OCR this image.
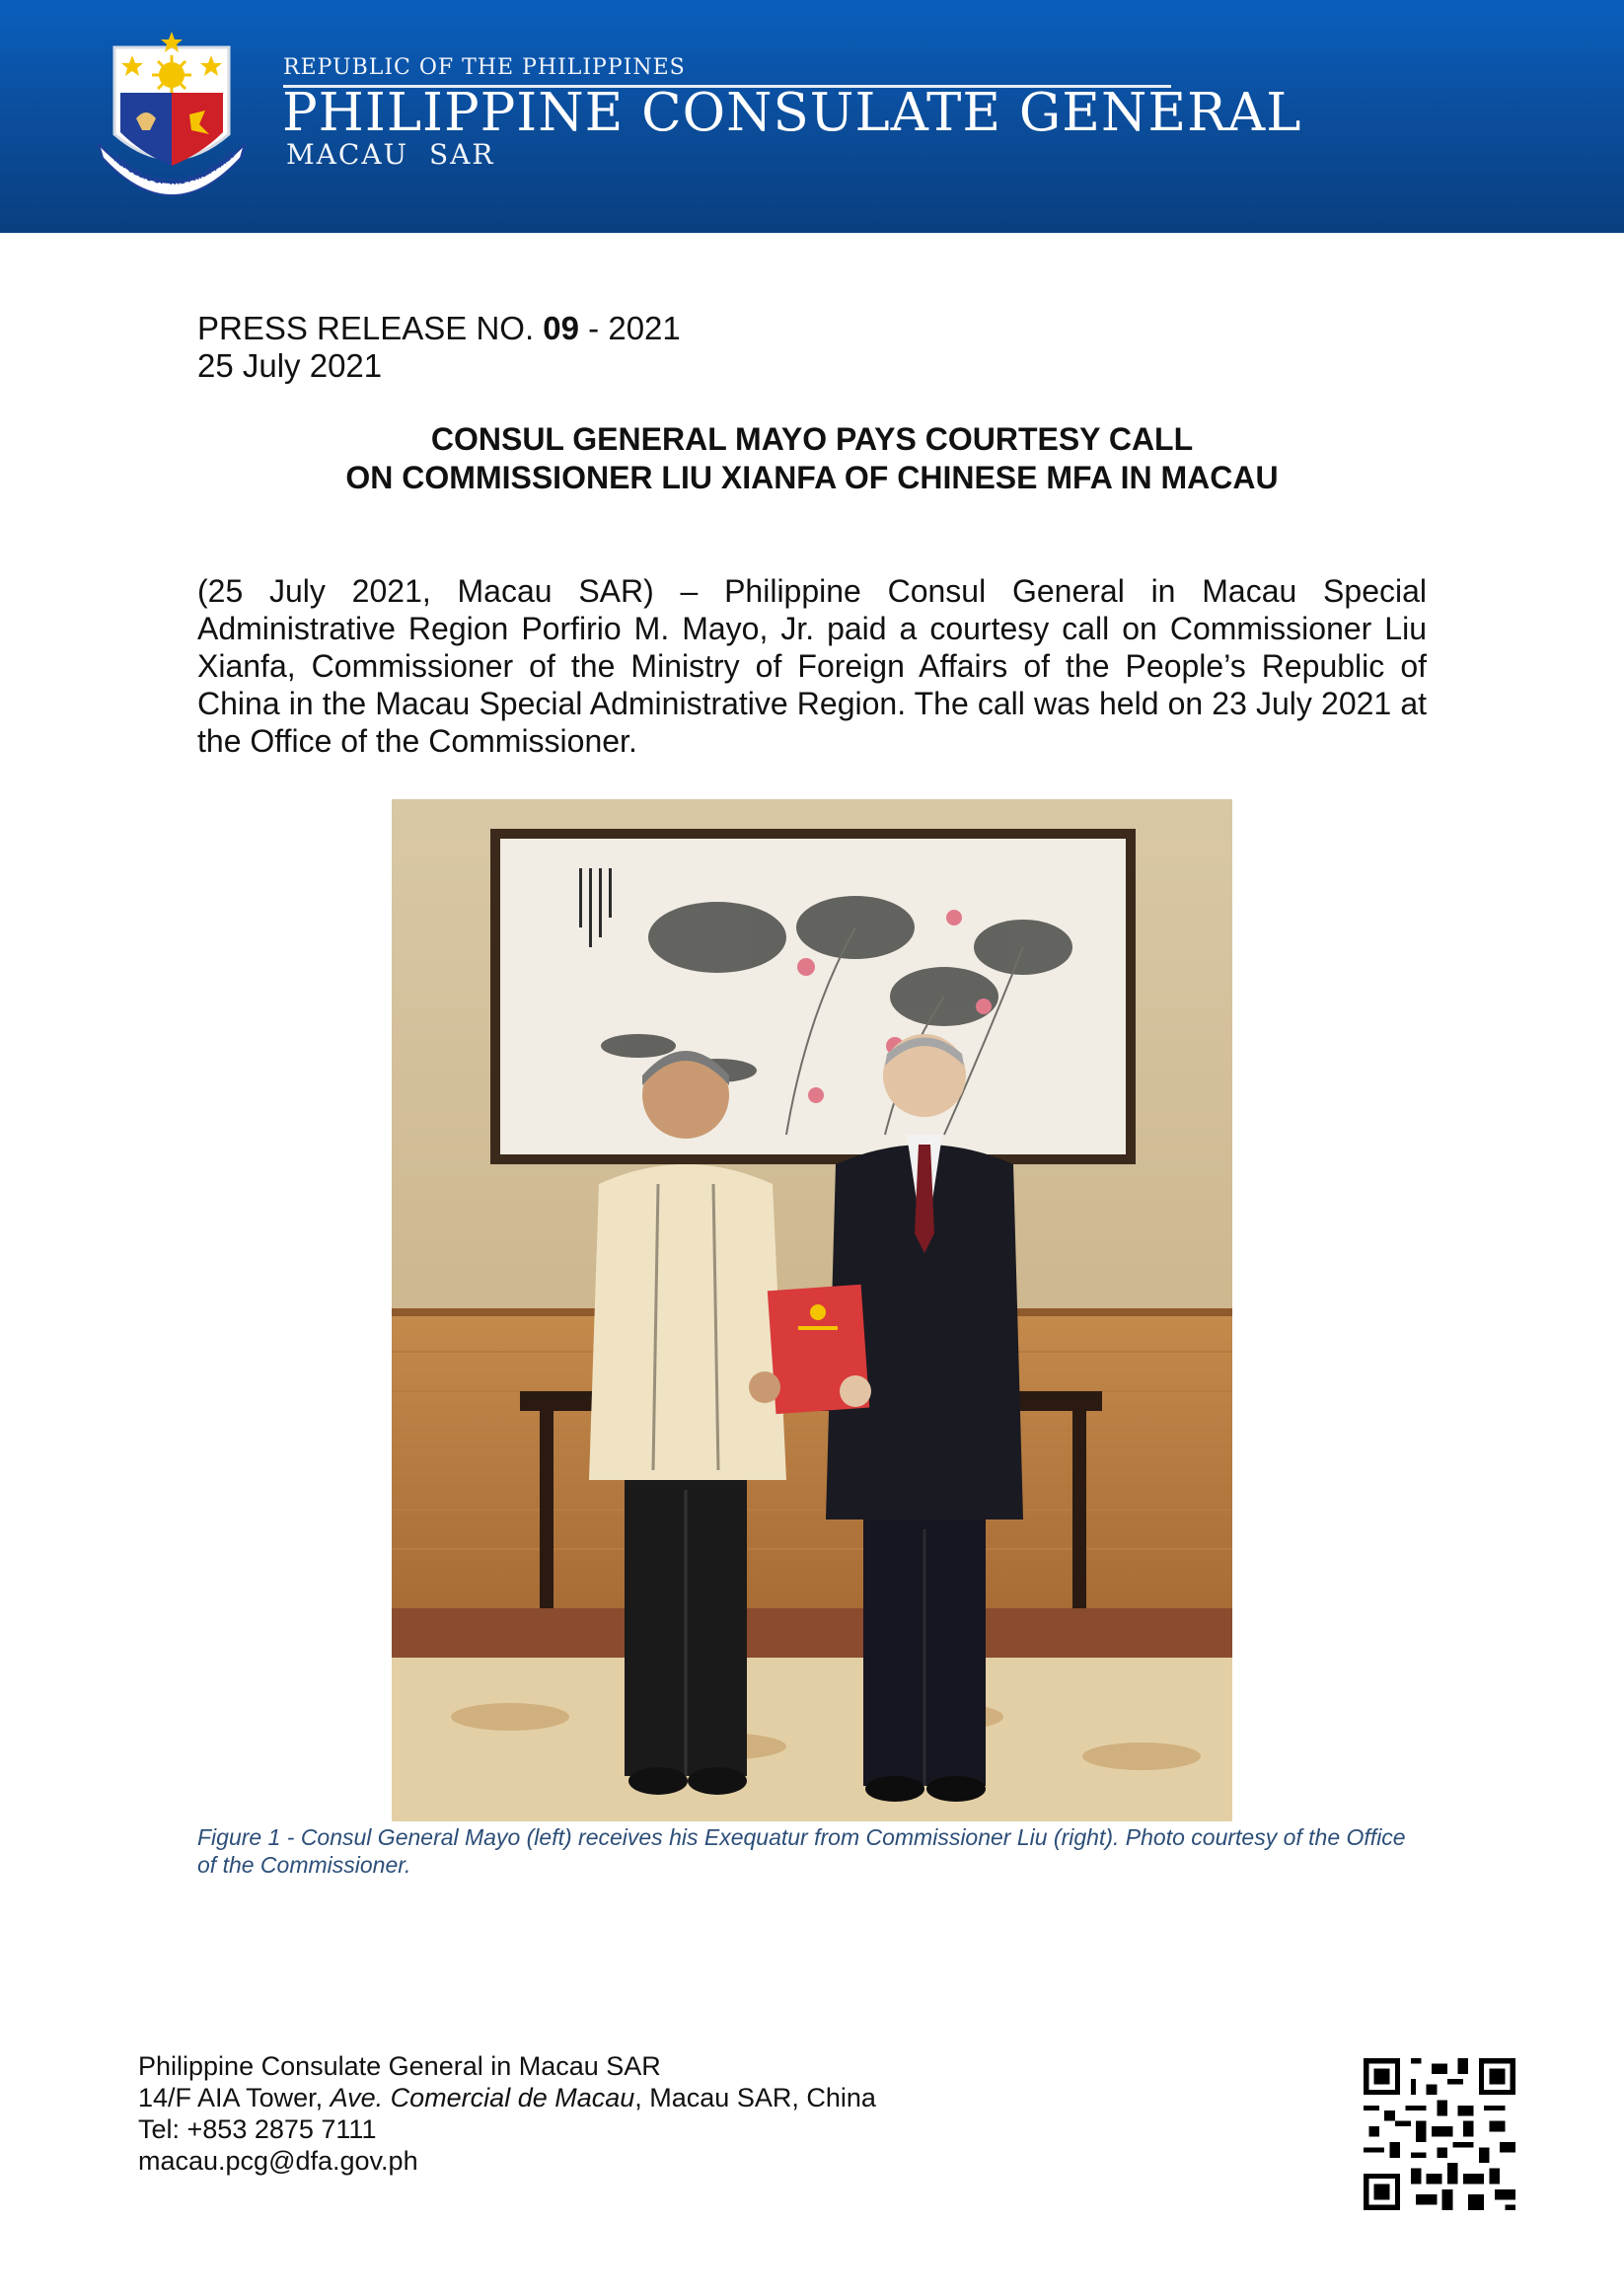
REPUBLIC OF THE PHILIPPINES
REPUBLIC OF THE PHILIPPINES
PHILIPPINE CONSULATE GENERAL
MACAU SAR
PRESS RELEASE NO. 09 - 2021
25 July 2021
CONSUL GENERAL MAYO PAYS COURTESY CALL
ON COMMISSIONER LIU XIANFA OF CHINESE MFA IN MACAU
(25 July 2021, Macau SAR) – Philippine Consul General in Macau Special Administrative Region Porfirio M. Mayo, Jr. paid a courtesy call on Commissioner Liu Xianfa, Commissioner of the Ministry of Foreign Affairs of the People’s Republic of China in the Macau Special Administrative Region. The call was held on 23 July 2021 at the Office of the Commissioner.
Figure 1 - Consul General Mayo (left) receives his Exequatur from Commissioner Liu (right). Photo courtesy of the Office of the Commissioner.
Philippine Consulate General in Macau SAR
14/F AIA Tower, Ave. Comercial de Macau, Macau SAR, China
Tel: +853 2875 7111
macau.pcg@dfa.gov.ph
